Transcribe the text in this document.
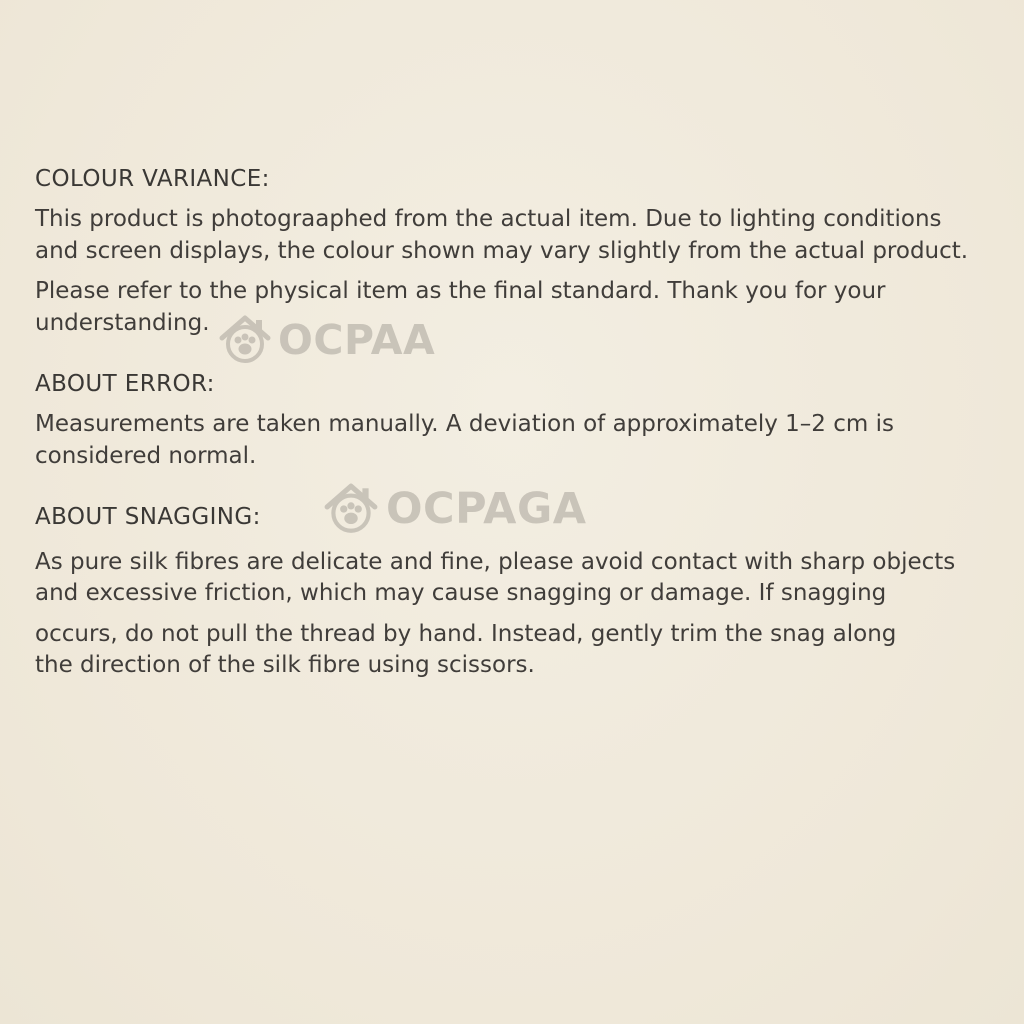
COLOUR VARIANCE:
This product is photograaphed from the actual item. Due to lighting conditions
and screen displays, the colour shown may vary slightly from the actual product.
Please refer to the physical item as the final standard. Thank you for your
understanding. OCPAA
ABOUT ERROR:
Measurements are taken manually. A deviation of approximately 1–2 cm is
considered normal.
OCPAGA
ABOUT SNAGGING:
As pure silk fibres are delicate and fine, please avoid contact with sharp objects
and excessive friction, which may cause snagging or damage. If snagging
occurs, do not pull the thread by hand. Instead, gently trim the snag along
the direction of the silk fibre using scissors.
